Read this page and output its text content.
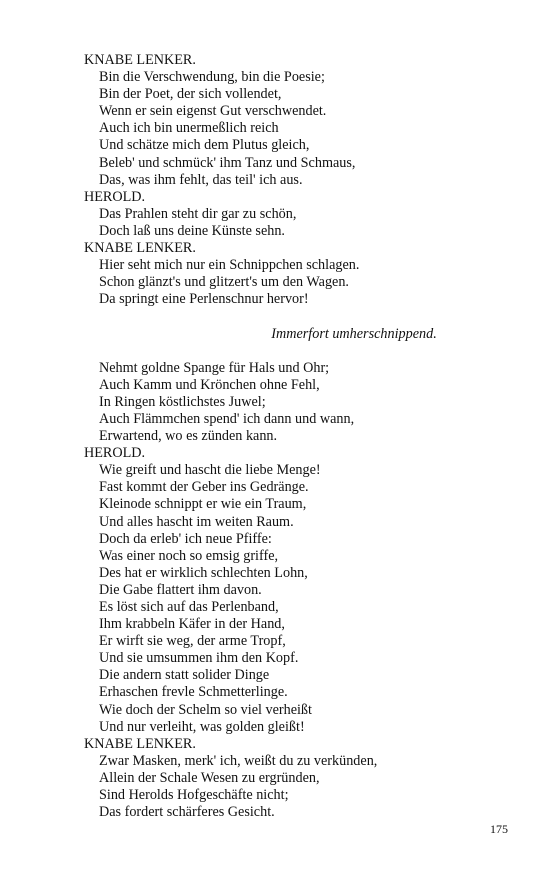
KNABE LENKER.
Bin die Verschwendung, bin die Poesie;
Bin der Poet, der sich vollendet,
Wenn er sein eigenst Gut verschwendet.
Auch ich bin unermeßlich reich
Und schätze mich dem Plutus gleich,
Beleb' und schmück' ihm Tanz und Schmaus,
Das, was ihm fehlt, das teil' ich aus.
HEROLD.
Das Prahlen steht dir gar zu schön,
Doch laß uns deine Künste sehn.
KNABE LENKER.
Hier seht mich nur ein Schnippchen schlagen.
Schon glänzt's und glitzert's um den Wagen.
Da springt eine Perlenschnur hervor!
Immerfort umherschnippend.
Nehmt goldne Spange für Hals und Ohr;
Auch Kamm und Krönchen ohne Fehl,
In Ringen köstlichstes Juwel;
Auch Flämmchen spend' ich dann und wann,
Erwartend, wo es zünden kann.
HEROLD.
Wie greift und hascht die liebe Menge!
Fast kommt der Geber ins Gedränge.
Kleinode schnippt er wie ein Traum,
Und alles hascht im weiten Raum.
Doch da erleb' ich neue Pfiffe:
Was einer noch so emsig griffe,
Des hat er wirklich schlechten Lohn,
Die Gabe flattert ihm davon.
Es löst sich auf das Perlenband,
Ihm krabbeln Käfer in der Hand,
Er wirft sie weg, der arme Tropf,
Und sie umsummen ihm den Kopf.
Die andern statt solider Dinge
Erhaschen frevle Schmetterlinge.
Wie doch der Schelm so viel verheißt
Und nur verleiht, was golden gleißt!
KNABE LENKER.
Zwar Masken, merk' ich, weißt du zu verkünden,
Allein der Schale Wesen zu ergründen,
Sind Herolds Hofgeschäfte nicht;
Das fordert schärferes Gesicht.
175
